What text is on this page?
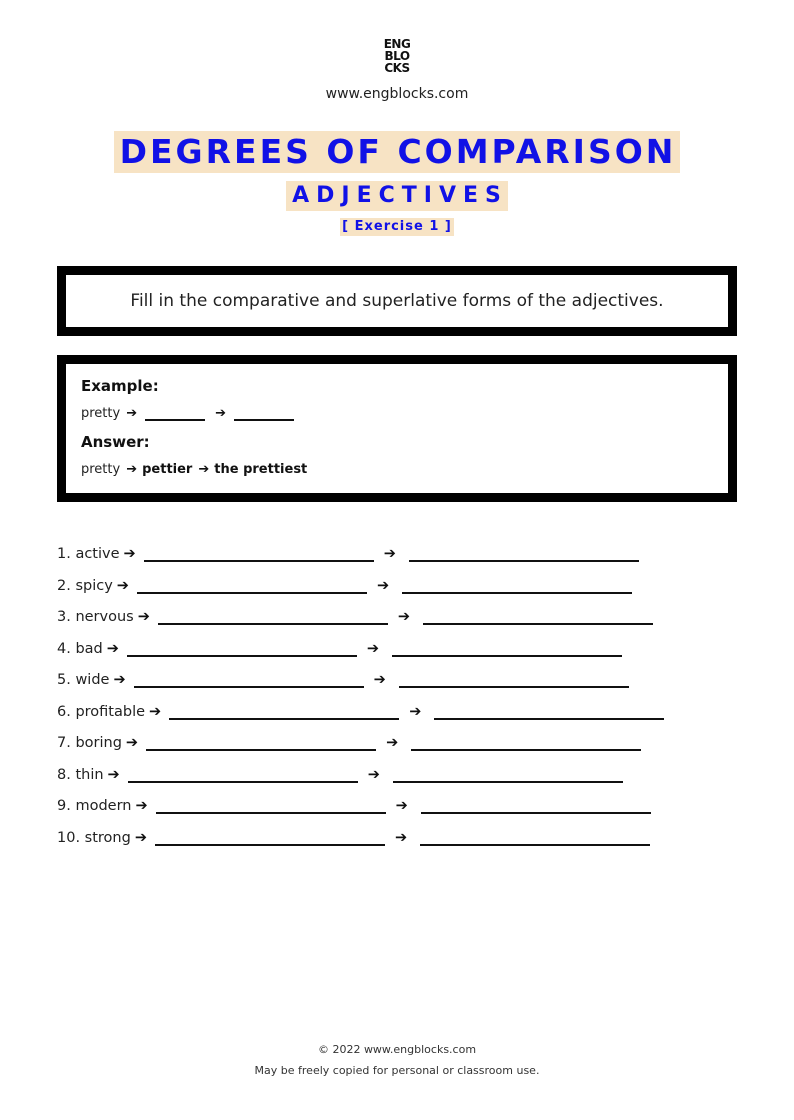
ENG
BLO
CKS
www.engblocks.com
DEGREES OF COMPARISON
ADJECTIVES
[ Exercise 1 ]
Fill in the comparative and superlative forms of the adjectives.
Example:
pretty ➔	➔
Answer:
pretty ➔ pettier ➔ the prettiest
1. active ➔	➔
2. spicy ➔	➔
3. nervous ➔	➔
4. bad ➔	➔
5. wide ➔	➔
6. profitable ➔	➔
7. boring ➔	➔
8. thin ➔	➔
9. modern ➔	➔
10. strong ➔	➔
© 2022 www.engblocks.com
May be freely copied for personal or classroom use.
